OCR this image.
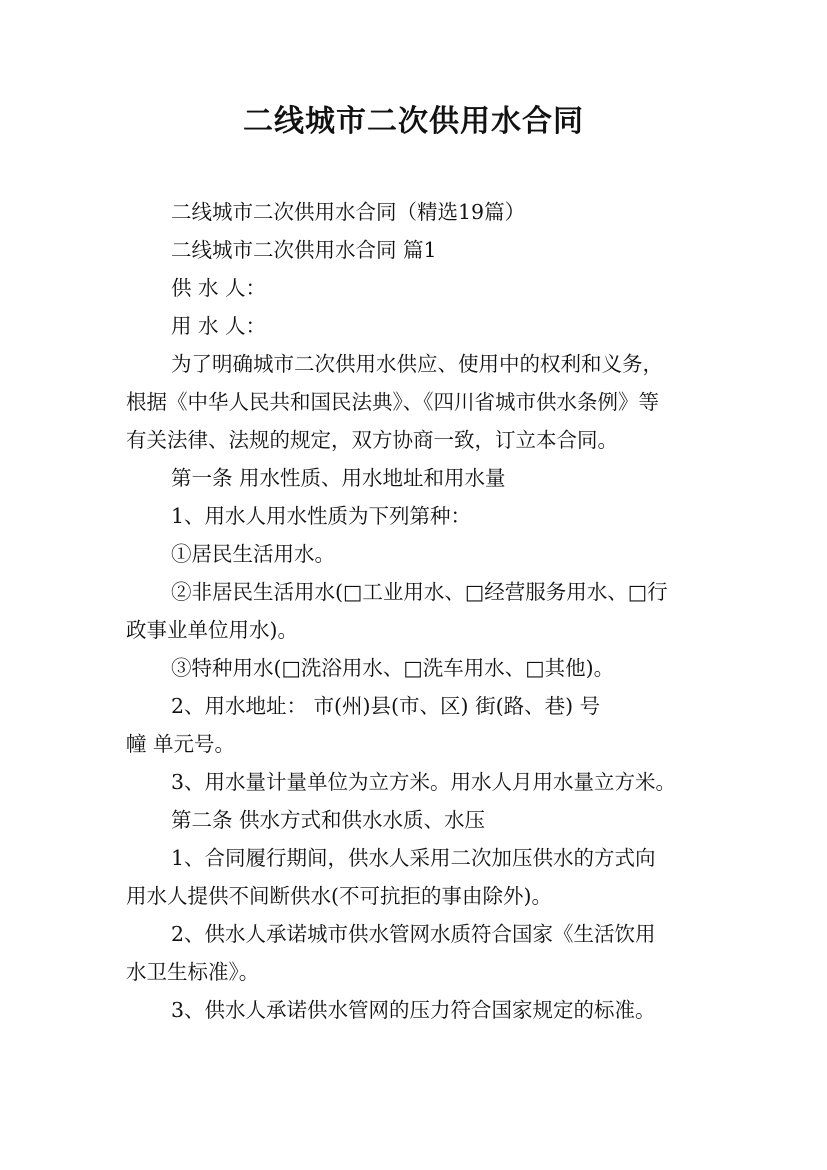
二线城市二次供用水合同

二线城市二次供用水合同（精选19篇）

二线城市二次供用水合同 篇1

供 水 人：

用 水 人：

为了明确城市二次供用水供应、使用中的权利和义务，

根据《中华人民共和国民法典》、《四川省城市供水条例》等

有关法律、法规的规定，双方协商一致，订立本合同。

第一条 用水性质、用水地址和用水量

1、用水人用水性质为下列第种：

①居民生活用水。

②非居民生活用水(□工业用水、□经营服务用水、□行

政事业单位用水)。

③特种用水(□洗浴用水、□洗车用水、□其他)。

2、用水地址： 市(州)县(市、区) 街(路、巷) 号

幢 单元号。

3、用水量计量单位为立方米。用水人月用水量立方米。

第二条 供水方式和供水水质、水压

1、合同履行期间，供水人采用二次加压供水的方式向

用水人提供不间断供水(不可抗拒的事由除外)。

2、供水人承诺城市供水管网水质符合国家《生活饮用

水卫生标准》。

3、供水人承诺供水管网的压力符合国家规定的标准。
